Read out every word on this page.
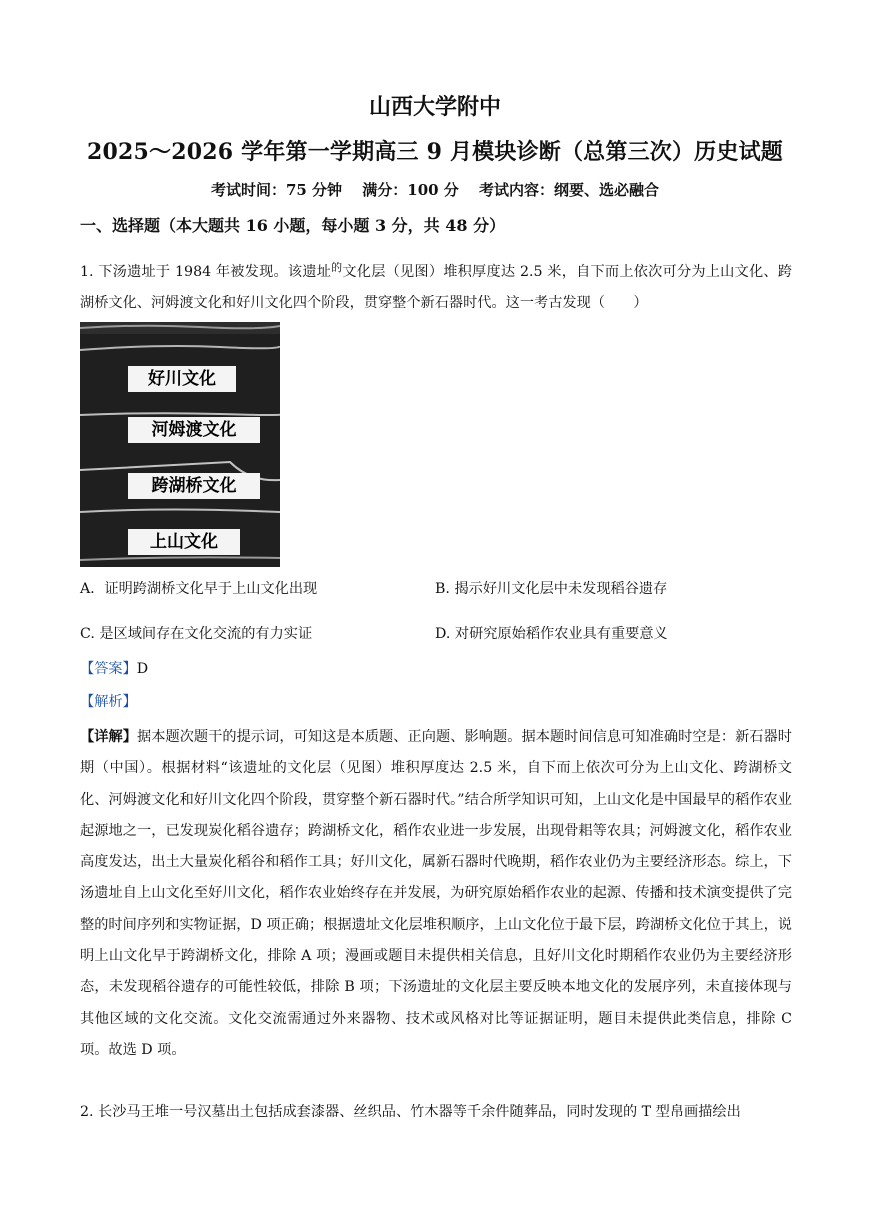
山西大学附中
2025～2026 学年第一学期高三 9 月模块诊断（总第三次）历史试题
考试时间：75 分钟　 满分：100 分　 考试内容：纲要、选必融合
一、选择题（本大题共 16 小题，每小题 3 分，共 48 分）
1. 下汤遗址于 1984 年被发现。该遗址$^的$文化层（见图）堆积厚度达 2.5 米，自下而上依次可分为上山文化、跨湖桥文化、河姆渡文化和好川文化四个阶段，贯穿整个新石器时代。这一考古发现（　　）
好川文化
河姆渡文化
跨湖桥文化
上山文化
A．证明跨湖桥文化早于上山文化出现	B. 揭示好川文化层中未发现稻谷遗存
C. 是区域间存在文化交流的有力实证	D. 对研究原始稻作农业具有重要意义
【答案】D
【解析】
【详解】据本题次题干的提示词，可知这是本质题、正向题、影响题。据本题时间信息可知准确时空是：新石器时期（中国）。根据材料“该遗址的文化层（见图）堆积厚度达 2.5 米，自下而上依次可分为上山文化、跨湖桥文化、河姆渡文化和好川文化四个阶段，贯穿整个新石器时代。”结合所学知识可知，上山文化是中国最早的稻作农业起源地之一，已发现炭化稻谷遗存；跨湖桥文化，稻作农业进一步发展，出现骨耜等农具；河姆渡文化，稻作农业高度发达，出土大量炭化稻谷和稻作工具；好川文化，属新石器时代晚期，稻作农业仍为主要经济形态。综上，下汤遗址自上山文化至好川文化，稻作农业始终存在并发展，为研究原始稻作农业的起源、传播和技术演变提供了完整的时间序列和实物证据，D 项正确；根据遗址文化层堆积顺序，上山文化位于最下层，跨湖桥文化位于其上，说明上山文化早于跨湖桥文化，排除 A 项；漫画或题目未提供相关信息，且好川文化时期稻作农业仍为主要经济形态，未发现稻谷遗存的可能性较低，排除 B 项；下汤遗址的文化层主要反映本地文化的发展序列，未直接体现与其他区域的文化交流。文化交流需通过外来器物、技术或风格对比等证据证明，题目未提供此类信息，排除 C 项。故选 D 项。
2. 长沙马王堆一号汉墓出土包括成套漆器、丝织品、竹木器等千余件随葬品，同时发现的 T 型帛画描绘出
